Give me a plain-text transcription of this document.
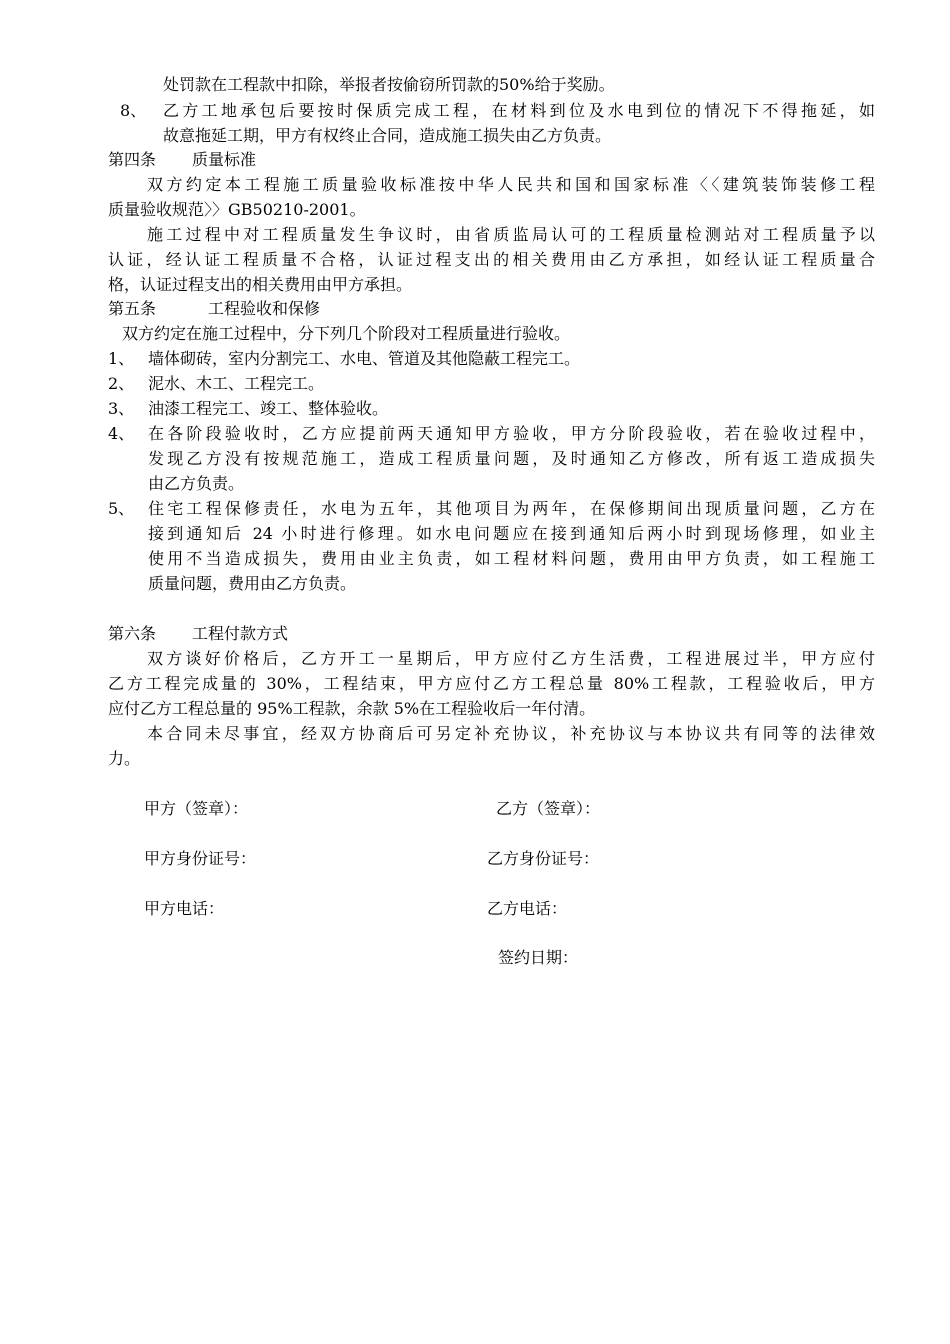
处罚款在工程款中扣除，举报者按偷窃所罚款的50%给于奖励。
8、 乙方工地承包后要按时保质完成工程，在材料到位及水电到位的情况下不得拖延，如
故意拖延工期，甲方有权终止合同，造成施工损失由乙方负责。
第四条 质量标准
双方约定本工程施工质量验收标准按中华人民共和国和国家标准〈〈建筑装饰装修工程
质量验收规范〉〉GB50210-2001。
施工过程中对工程质量发生争议时，由省质监局认可的工程质量检测站对工程质量予以
认证，经认证工程质量不合格，认证过程支出的相关费用由乙方承担，如经认证工程质量合
格，认证过程支出的相关费用由甲方承担。
第五条	工程验收和保修
双方约定在施工过程中，分下列几个阶段对工程质量进行验收。
1、 墙体砌砖，室内分割完工、水电、管道及其他隐蔽工程完工。
2、 泥水、木工、工程完工。
3、 油漆工程完工、竣工、整体验收。
4、 在各阶段验收时，乙方应提前两天通知甲方验收，甲方分阶段验收，若在验收过程中，
发现乙方没有按规范施工，造成工程质量问题，及时通知乙方修改，所有返工造成损失
由乙方负责。
5、 住宅工程保修责任，水电为五年，其他项目为两年，在保修期间出现质量问题，乙方在
接到通知后 24 小时进行修理。如水电问题应在接到通知后两小时到现场修理，如业主
使用不当造成损失，费用由业主负责，如工程材料问题，费用由甲方负责，如工程施工
质量问题，费用由乙方负责。
第六条 工程付款方式
双方谈好价格后，乙方开工一星期后，甲方应付乙方生活费，工程进展过半，甲方应付
乙方工程完成量的 30%，工程结束，甲方应付乙方工程总量 80%工程款，工程验收后，甲方
应付乙方工程总量的 95%工程款，余款 5%在工程验收后一年付清。
本合同未尽事宜，经双方协商后可另定补充协议，补充协议与本协议共有同等的法律效
力。
甲方（签章）：	乙方（签章）：
甲方身份证号：	乙方身份证号：
甲方电话：	乙方电话：
签约日期：
